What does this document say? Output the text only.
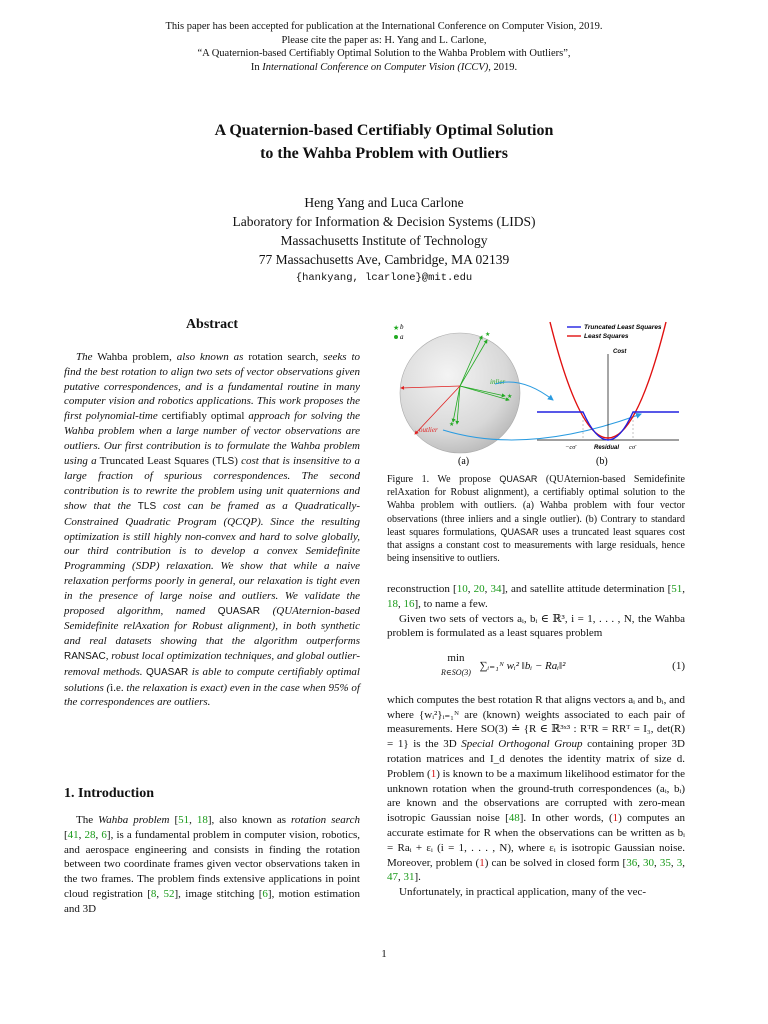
This paper has been accepted for publication at the International Conference on Computer Vision, 2019.
Please cite the paper as: H. Yang and L. Carlone,
“A Quaternion-based Certifiably Optimal Solution to the Wahba Problem with Outliers”,
In International Conference on Computer Vision (ICCV), 2019.
A Quaternion-based Certifiably Optimal Solution
to the Wahba Problem with Outliers
Heng Yang and Luca Carlone
Laboratory for Information & Decision Systems (LIDS)
Massachusetts Institute of Technology
77 Massachusetts Ave, Cambridge, MA 02139
{hankyang, lcarlone}@mit.edu
Abstract

The Wahba problem, also known as rotation search, seeks to find the best rotation to align two sets of vector observations given putative correspondences, and is a fundamental routine in many computer vision and robotics applications. This work proposes the first polynomial-time certifiably optimal approach for solving the Wahba problem when a large number of vector observations are outliers. Our first contribution is to formulate the Wahba problem using a Truncated Least Squares (TLS) cost that is insensitive to a large fraction of spurious correspondences. The second contribution is to rewrite the problem using unit quaternions and show that the TLS cost can be framed as a Quadratically-Constrained Quadratic Program (QCQP). Since the resulting optimization is still highly non-convex and hard to solve globally, our third contribution is to develop a convex Semidefinite Programming (SDP) relaxation. We show that while a naive relaxation performs poorly in general, our relaxation is tight even in the presence of large noise and outliers. We validate the proposed algorithm, named QUASAR (QUAternion-based Semidefinite relAxation for Robust alignment), in both synthetic and real datasets showing that the algorithm outperforms RANSAC, robust local optimization techniques, and global outlier-removal methods. QUASAR is able to compute certifiably optimal solutions (i.e. the relaxation is exact) even in the case when 95% of the correspondences are outliers.

1. Introduction

The Wahba problem [51, 18], also known as rotation search [41, 28, 6], is a fundamental problem in computer vision, robotics, and aerospace engineering and consists in finding the rotation between two coordinate frames given vector observations taken in the two frames. The problem finds extensive applications in point cloud registration [8, 52], image stitching [6], motion estimation and 3D

★ b
a	★
★
★
inlier
outlier
Cost
Residual
−cσ̄	cσ̄
Truncated Least Squares
Least Squares
(a)	(b)
Figure 1. We propose QUASAR (QUAternion-based Semidefinite relAxation for Robust alignment), a certifiably optimal solution to the Wahba problem with outliers. (a) Wahba problem with four vector observations (three inliers and a single outlier). (b) Contrary to standard least squares formulations, QUASAR uses a truncated least squares cost that assigns a constant cost to measurements with large residuals, hence being insensitive to outliers.

reconstruction [10, 20, 34], and satellite attitude determination [51, 18, 16], to name a few.

Given two sets of vectors aᵢ, bᵢ ∈ ℝ³, i = 1, . . . , N, the Wahba problem is formulated as a least squares problem

min
R∈SO(3)
∑ᵢ₌₁ᴺ wᵢ² ‖bᵢ − Raᵢ‖²	(1)

which computes the best rotation R that aligns vectors aᵢ and bᵢ, and where {wᵢ²}ᵢ₌₁ᴺ are (known) weights associated to each pair of measurements. Here SO(3) ≐ {R ∈ ℝ³ˣ³ : RᵀR = RRᵀ = I₃, det(R) = 1} is the 3D Special Orthogonal Group containing proper 3D rotation matrices and I_d denotes the identity matrix of size d. Problem (1) is known to be a maximum likelihood estimator for the unknown rotation when the ground-truth correspondences (aᵢ, bᵢ) are known and the observations are corrupted with zero-mean isotropic Gaussian noise [48]. In other words, (1) computes an accurate estimate for R when the observations can be written as bᵢ = Raᵢ + εᵢ (i = 1, . . . , N), where εᵢ is isotropic Gaussian noise. Moreover, problem (1) can be solved in closed form [36, 30, 35, 3, 47, 31].

Unfortunately, in practical application, many of the vec-

1
